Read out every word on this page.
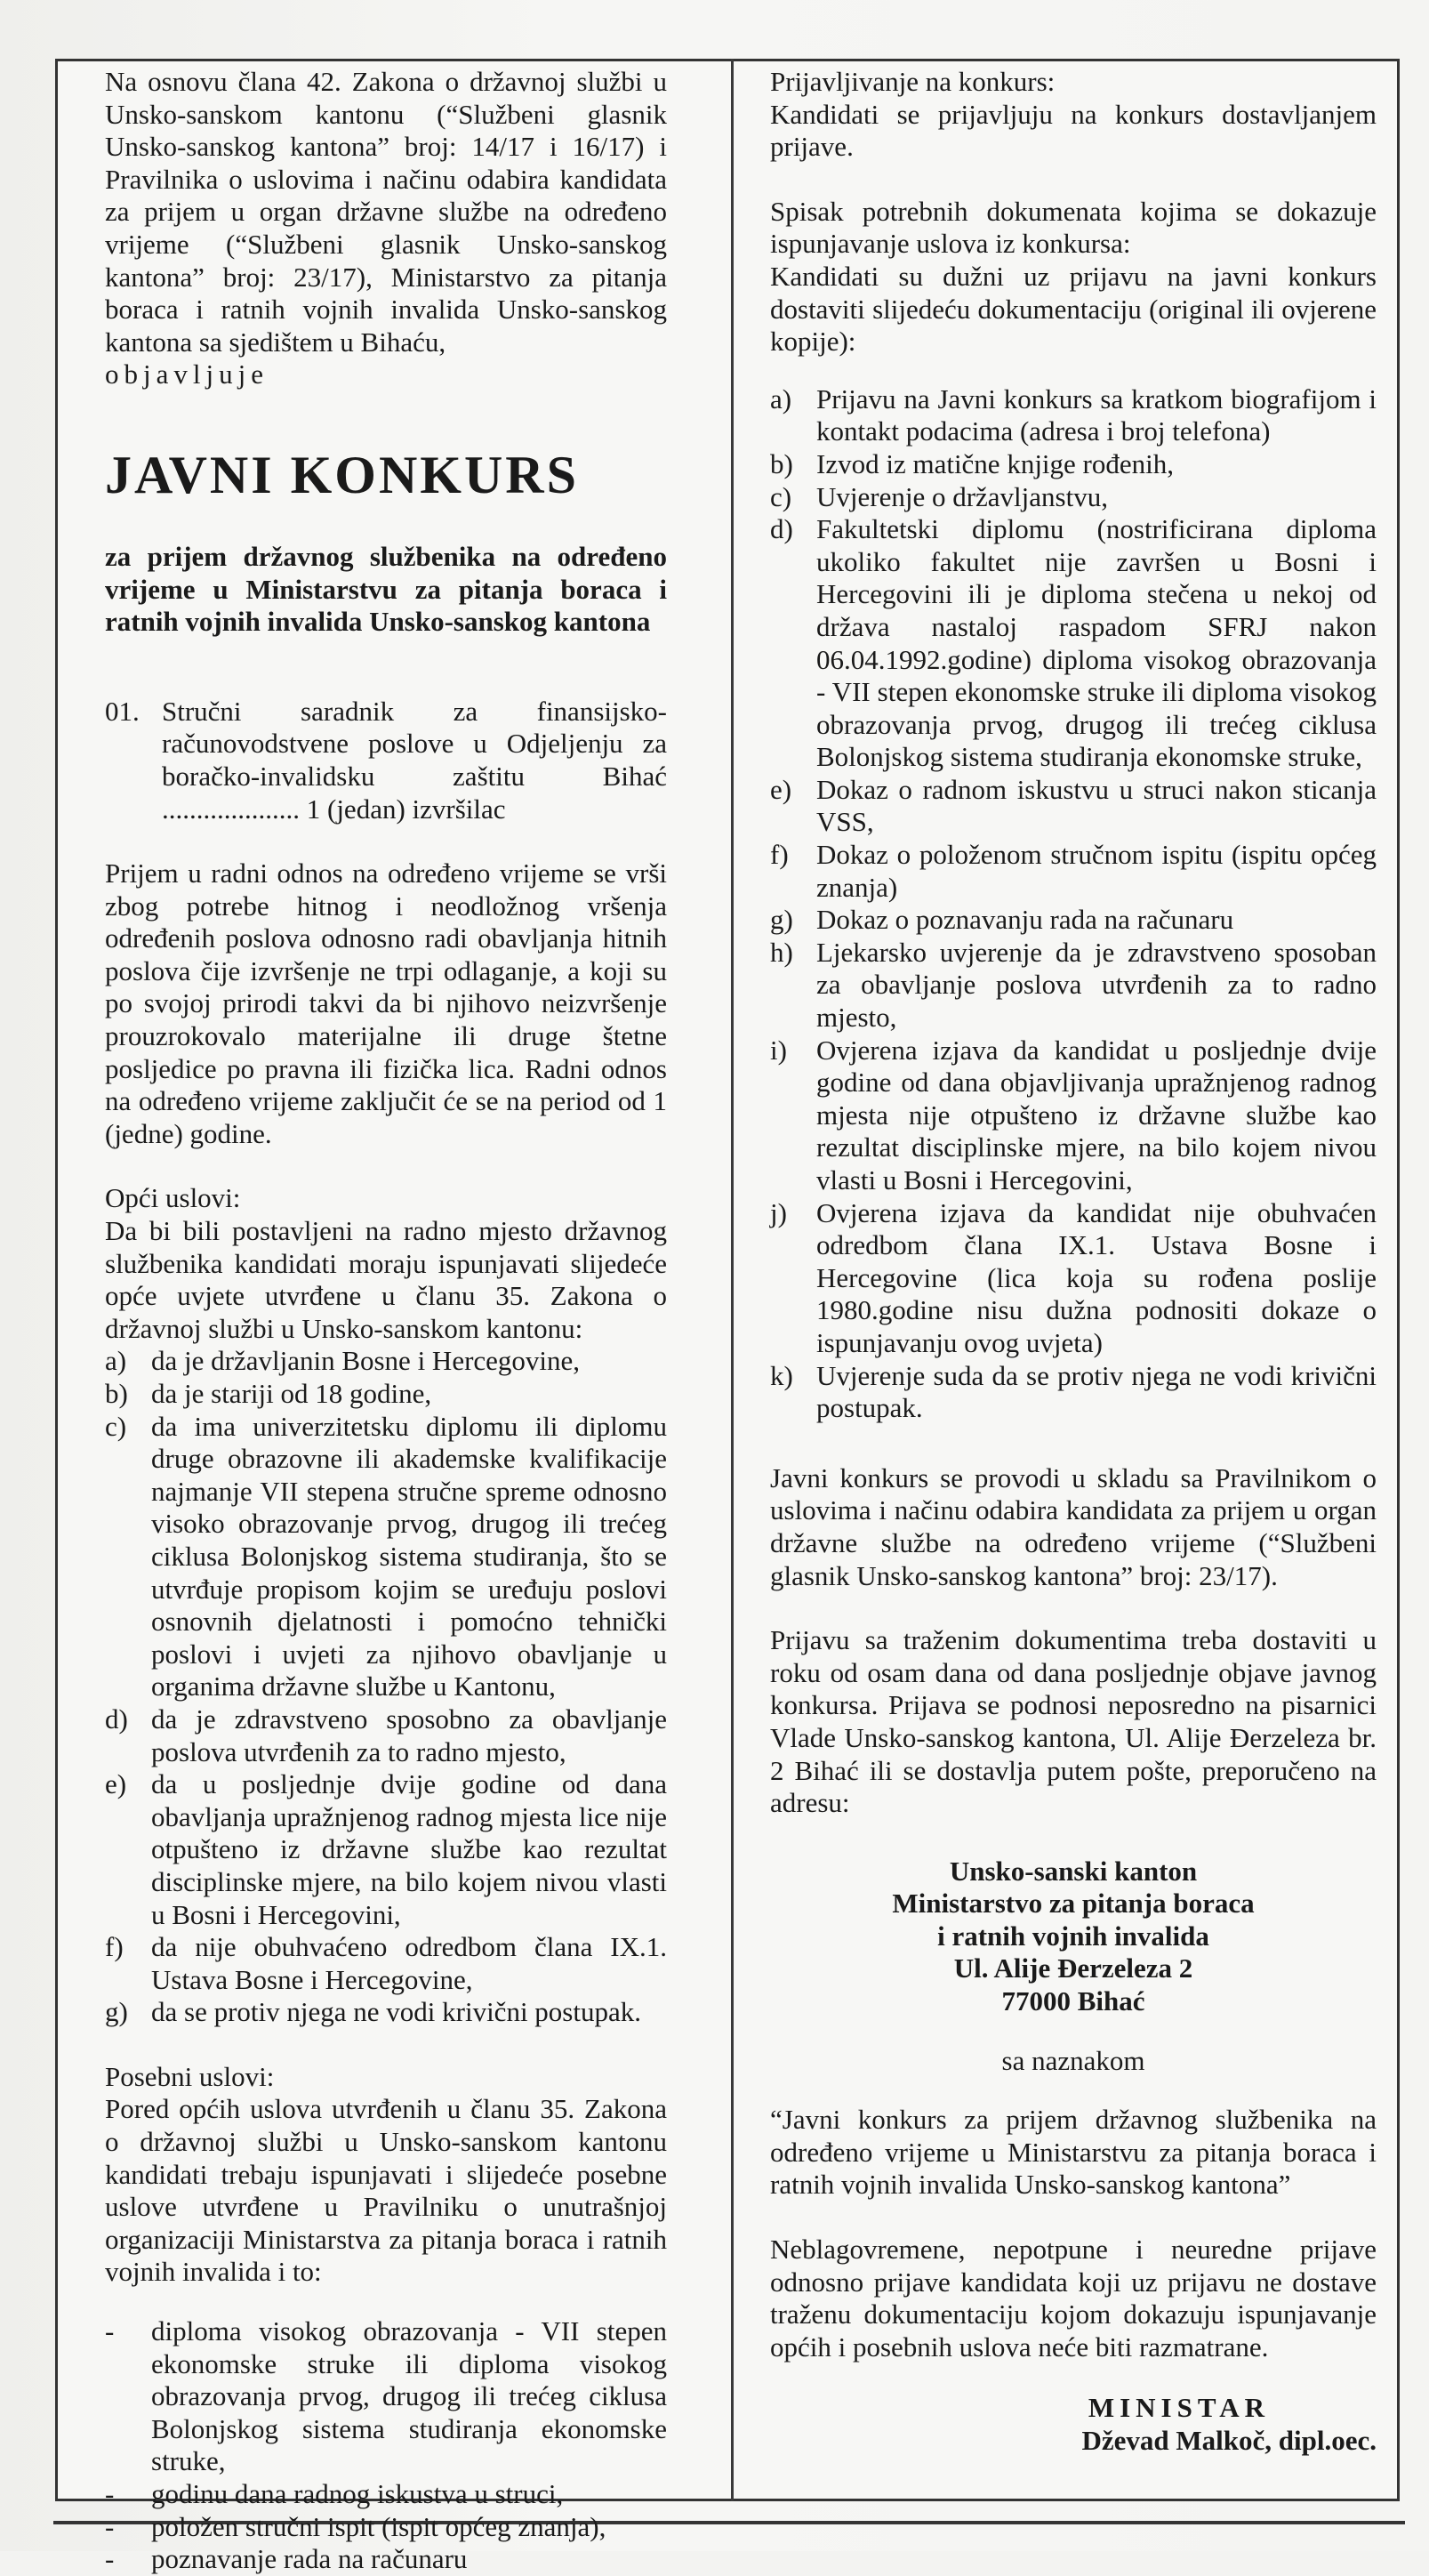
Na osnovu člana 42. Zakona o državnoj službi u Unsko-sanskom kantonu (“Službeni glasnik Unsko-sanskog kantona” broj: 14/17 i 16/17) i Pravilnika o uslovima i načinu odabira kandidata za prijem u organ državne službe na određeno vrijeme (“Službeni glasnik Unsko-sanskog kantona” broj: 23/17), Ministarstvo za pitanja boraca i ratnih vojnih invalida Unsko-sanskog kantona sa sjedištem u Bihaću,

objavljuje

JAVNI KONKURS

za prijem državnog službenika na određeno vrijeme u Ministarstvu za pitanja boraca i ratnih vojnih invalida Unsko-sanskog kantona

01. Stručni saradnik za finansijsko-računovodstvene poslove u Odjeljenju za boračko-invalidsku zaštitu Bihać .................... 1 (jedan) izvršilac

Prijem u radni odnos na određeno vrijeme se vrši zbog potrebe hitnog i neodložnog vršenja određenih poslova odnosno radi obavljanja hitnih poslova čije izvršenje ne trpi odlaganje, a koji su po svojoj prirodi takvi da bi njihovo neizvršenje prouzrokovalo materijalne ili druge štetne posljedice po pravna ili fizička lica. Radni odnos na određeno vrijeme zaključit će se na period od 1 (jedne) godine.

Opći uslovi:

Da bi bili postavljeni na radno mjesto državnog službenika kandidati moraju ispunjavati slijedeće opće uvjete utvrđene u članu 35. Zakona o državnoj službi u Unsko-sanskom kantonu:

a) da je državljanin Bosne i Hercegovine,
b) da je stariji od 18 godine,
c) da ima univerzitetsku diplomu ili diplomu druge obrazovne ili akademske kvalifikacije najmanje VII stepena stručne spreme odnosno visoko obrazovanje prvog, drugog ili trećeg ciklusa Bolonjskog sistema studiranja, što se utvrđuje propisom kojim se uređuju poslovi osnovnih djelatnosti i pomoćno tehnički poslovi i uvjeti za njihovo obavljanje u organima državne službe u Kantonu,
d) da je zdravstveno sposobno za obavljanje poslova utvrđenih za to radno mjesto,
e) da u posljednje dvije godine od dana obavljanja upražnjenog radnog mjesta lice nije otpušteno iz državne službe kao rezultat disciplinske mjere, na bilo kojem nivou vlasti u Bosni i Hercegovini,
f)	da nije obuhvaćeno odredbom člana IX.1. Ustava Bosne i Hercegovine,
g) da se protiv njega ne vodi krivični postupak.

Posebni uslovi:

Pored općih uslova utvrđenih u članu 35. Zakona o državnoj službi u Unsko-sanskom kantonu kandidati trebaju ispunjavati i slijedeće posebne uslove utvrđene u Pravilniku o unutrašnjoj organizaciji Ministarstva za pitanja boraca i ratnih vojnih invalida i to:

-	diploma visokog obrazovanja - VII stepen ekonomske struke ili diploma visokog obrazovanja prvog, drugog ili trećeg ciklusa Bolonjskog sistema studiranja ekonomske struke,
-	godinu dana radnog iskustva u struci,
-	položen stručni ispit (ispit općeg znanja),
-	poznavanje rada na računaru

Prijavljivanje na konkurs:

Kandidati se prijavljuju na konkurs dostavljanjem prijave.

Spisak potrebnih dokumenata kojima se dokazuje ispunjavanje uslova iz konkursa:

Kandidati su dužni uz prijavu na javni konkurs dostaviti slijedeću dokumentaciju (original ili ovjerene kopije):

a) Prijavu na Javni konkurs sa kratkom biografijom i kontakt podacima (adresa i broj telefona)
b) Izvod iz matične knjige rođenih,
c) Uvjerenje o državljanstvu,
d) Fakultetski diplomu (nostrificirana diploma ukoliko fakultet nije završen u Bosni i Hercegovini ili je diploma stečena u nekoj od država nastaloj raspadom SFRJ nakon 06.04.1992.godine) diploma visokog obrazovanja - VII stepen ekonomske struke ili diploma visokog obrazovanja prvog, drugog ili trećeg ciklusa Bolonjskog sistema studiranja ekonomske struke,
e) Dokaz o radnom iskustvu u struci nakon sticanja VSS,
f)	Dokaz o položenom stručnom ispitu (ispitu općeg znanja)
g) Dokaz o poznavanju rada na računaru
h) Ljekarsko uvjerenje da je zdravstveno sposoban za obavljanje poslova utvrđenih za to radno mjesto,
i)	Ovjerena izjava da kandidat u posljednje dvije godine od dana objavljivanja upražnjenog radnog mjesta nije otpušteno iz državne službe kao rezultat disciplinske mjere, na bilo kojem nivou vlasti u Bosni i Hercegovini,
j)	Ovjerena izjava da kandidat nije obuhvaćen odredbom člana IX.1. Ustava Bosne i Hercegovine (lica koja su rođena poslije 1980.godine nisu dužna podnositi dokaze o ispunjavanju ovog uvjeta)
k) Uvjerenje suda da se protiv njega ne vodi krivični postupak.

Javni konkurs se provodi u skladu sa Pravilnikom o uslovima i načinu odabira kandidata za prijem u organ državne službe na određeno vrijeme (“Službeni glasnik Unsko-sanskog kantona” broj: 23/17).

Prijavu sa traženim dokumentima treba dostaviti u roku od osam dana od dana posljednje objave javnog konkursa. Prijava se podnosi neposredno na pisarnici Vlade Unsko-sanskog kantona, Ul. Alije Đerzeleza br. 2 Bihać ili se dostavlja putem pošte, preporučeno na adresu:

Unsko-sanski kanton

Ministarstvo za pitanja boraca

i ratnih vojnih invalida

Ul. Alije Đerzeleza 2

77000 Bihać

sa naznakom

“Javni konkurs za prijem državnog službenika na određeno vrijeme u Ministarstvu za pitanja boraca i ratnih vojnih invalida Unsko-sanskog kantona”

Neblagovremene, nepotpune i neuredne prijave odnosno prijave kandidata koji uz prijavu ne dostave traženu dokumentaciju kojom dokazuju ispunjavanje općih i posebnih uslova neće biti razmatrane.

MINISTAR

Dževad Malkoč, dipl.oec.
